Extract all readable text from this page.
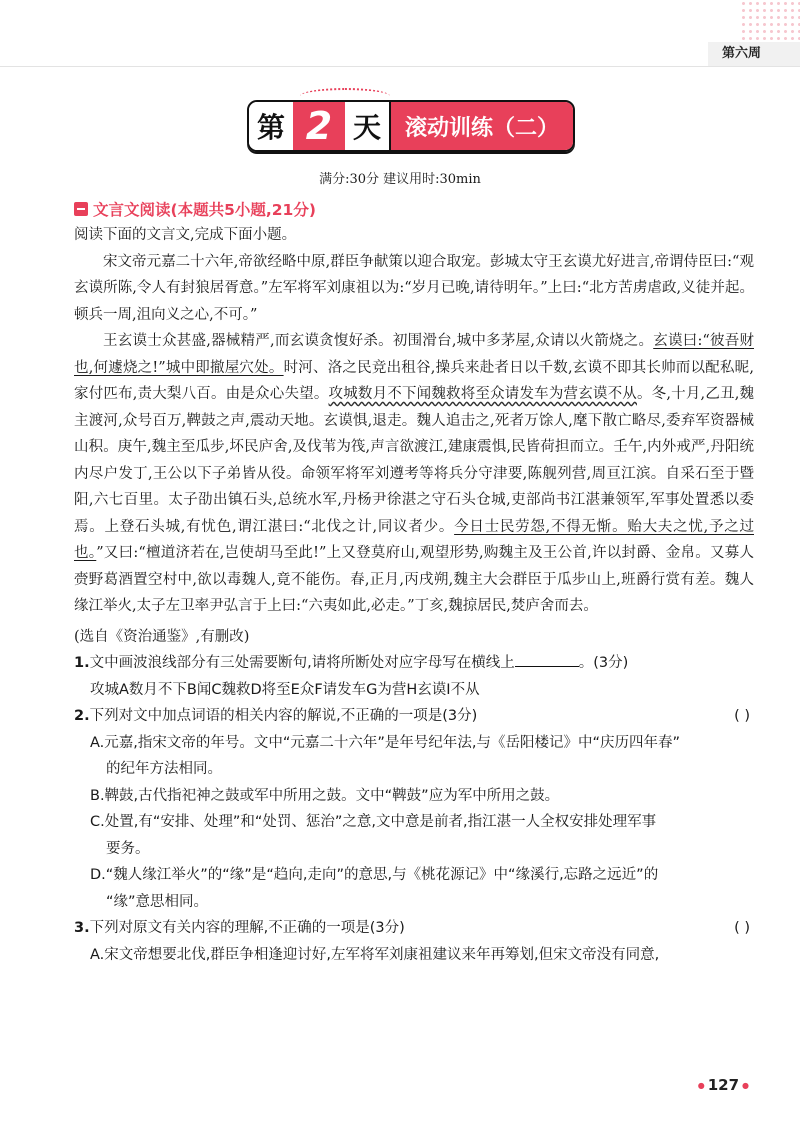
第六周
第 2 天	滚动训练（二）
满分:30分 建议用时:30min
文言文阅读(本题共5小题,21分)

阅读下面的文言文,完成下面小题。

宋文帝元嘉二十六年,帝欲经略中原,群臣争献策以迎合取宠。彭城太守王玄谟尤好进言,帝谓侍臣曰:“观玄谟所陈,令人有封狼居胥意。”左军将军刘康祖以为:“岁月已晚,请待明年。”上曰:“北方苦虏虐政,义徒并起。顿兵一周,沮向义之心,不可。”

王玄谟士众甚盛,器械精严,而玄谟贪愎好杀。初围滑台,城中多茅屋,众请以火箭烧之。玄谟曰:“彼吾财也,何遽烧之!”城中即撤屋穴处。时河、洛之民竞出租谷,操兵来赴者日以千数,玄谟不即其长帅而以配私昵,家付匹布,责大梨八百。由是众心失望。攻城数月不下闻魏救将至众请发车为营玄谟不从。冬,十月,乙丑,魏主渡河,众号百万,鞞鼓之声,震动天地。玄谟惧,退走。魏人追击之,死者万馀人,麾下散亡略尽,委弃军资器械山积。庚午,魏主至瓜步,坏民庐舍,及伐苇为筏,声言欲渡江,建康震惧,民皆荷担而立。壬午,内外戒严,丹阳统内尽户发丁,王公以下子弟皆从役。命领军将军刘遵考等将兵分守津要,陈舰列营,周亘江滨。自采石至于暨阳,六七百里。太子劭出镇石头,总统水军,丹杨尹徐湛之守石头仓城,吏部尚书江湛兼领军,军事处置悉以委焉。上登石头城,有忧色,谓江湛曰:“北伐之计,同议者少。今日士民劳怨,不得无惭。贻大夫之忧,予之过也。”又曰:“檀道济若在,岂使胡马至此!”上又登莫府山,观望形势,购魏主及王公首,许以封爵、金帛。又募人赍野葛酒置空村中,欲以毒魏人,竟不能伤。春,正月,丙戌朔,魏主大会群臣于瓜步山上,班爵行赏有差。魏人缘江举火,太子左卫率尹弘言于上曰:“六夷如此,必走。”丁亥,魏掠居民,焚庐舍而去。

(选自《资治通鉴》,有删改)

1.文中画波浪线部分有三处需要断句,请将所断处对应字母写在横线上	。(3分)

攻城A数月不下B闻C魏救D将至E众F请发车G为营H玄谟I不从

2.下列对文中加点词语的相关内容的解说,不正确的一项是(3分)	( )

A.元嘉,指宋文帝的年号。文中“元嘉二十六年”是年号纪年法,与《岳阳楼记》中“庆历四年春”

的纪年方法相同。

B.鞞鼓,古代指祀神之鼓或军中所用之鼓。文中“鞞鼓”应为军中所用之鼓。

C.处置,有“安排、处理”和“处罚、惩治”之意,文中意是前者,指江湛一人全权安排处理军事

要务。

D.“魏人缘江举火”的“缘”是“趋向,走向”的意思,与《桃花源记》中“缘溪行,忘路之远近”的

“缘”意思相同。

3.下列对原文有关内容的理解,不正确的一项是(3分)	( )

A.宋文帝想要北伐,群臣争相逢迎讨好,左军将军刘康祖建议来年再筹划,但宋文帝没有同意,

● 127 ●
